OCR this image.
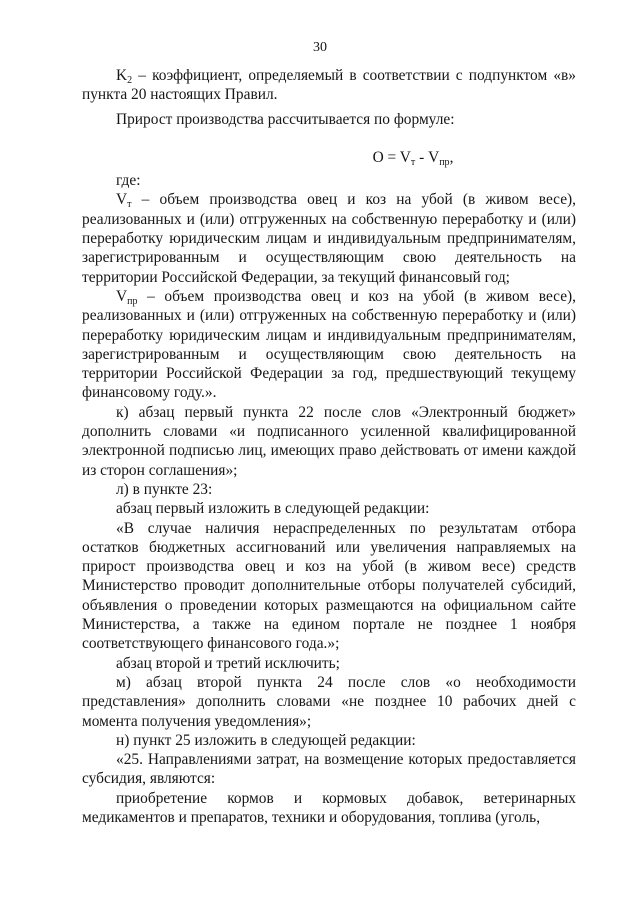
30

$K_2$ – коэффициент, определяемый в соответствии с подпунктом «в» пункта 20 настоящих Правил.

Прирост производства рассчитывается по формуле:

$O = V_т - V_{пр}$,

где:

$V_т$ – объем производства овец и коз на убой (в живом весе), реализованных и (или) отгруженных на собственную переработку и (или) переработку юридическим лицам и индивидуальным предпринимателям, зарегистрированным и осуществляющим свою деятельность на территории Российской Федерации, за текущий финансовый год;

$V_{пр}$ – объем производства овец и коз на убой (в живом весе), реализованных и (или) отгруженных на собственную переработку и (или) переработку юридическим лицам и индивидуальным предпринимателям, зарегистрированным и осуществляющим свою деятельность на территории Российской Федерации за год, предшествующий текущему финансовому году.».

к) абзац первый пункта 22 после слов «Электронный бюджет» дополнить словами «и подписанного усиленной квалифицированной электронной подписью лиц, имеющих право действовать от имени каждой из сторон соглашения»;

л) в пункте 23:

абзац первый изложить в следующей редакции:

«В случае наличия нераспределенных по результатам отбора остатков бюджетных ассигнований или увеличения направляемых на прирост производства овец и коз на убой (в живом весе) средств Министерство проводит дополнительные отборы получателей субсидий, объявления о проведении которых размещаются на официальном сайте Министерства, а также на едином портале не позднее 1 ноября соответствующего финансового года.»;

абзац второй и третий исключить;

м) абзац второй пункта 24 после слов «о необходимости представления» дополнить словами «не позднее 10 рабочих дней с момента получения уведомления»;

н) пункт 25 изложить в следующей редакции:

«25. Направлениями затрат, на возмещение которых предоставляется субсидия, являются:

приобретение кормов и кормовых добавок, ветеринарных медикаментов и препаратов, техники и оборудования, топлива (уголь,
